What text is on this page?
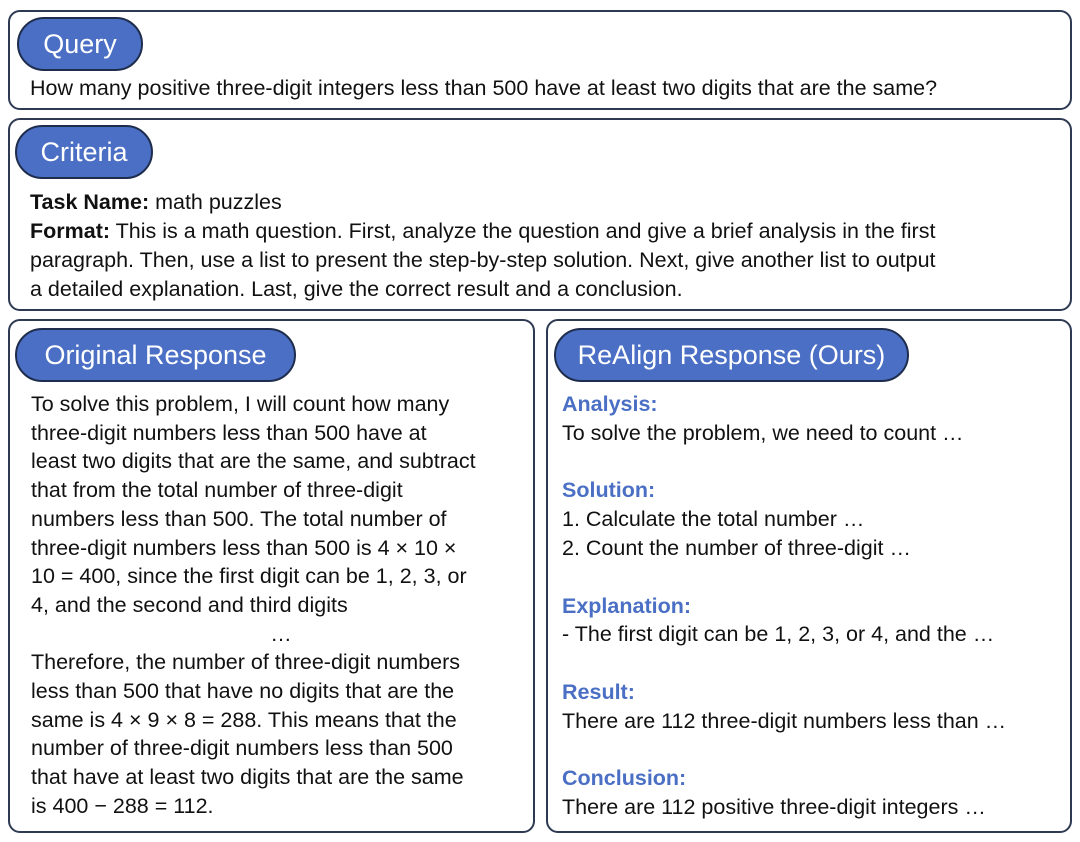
Query
How many positive three-digit integers less than 500 have at least two digits that are the same?
Criteria
Task Name: math puzzles
Format: This is a math question. First, analyze the question and give a brief analysis in the first
paragraph. Then, use a list to present the step-by-step solution. Next, give another list to output
a detailed explanation. Last, give the correct result and a conclusion.
Original Response
To solve this problem, I will count how many
three-digit numbers less than 500 have at
least two digits that are the same, and subtract
that from the total number of three-digit
numbers less than 500. The total number of
three-digit numbers less than 500 is 4 × 10 ×
10 = 400, since the first digit can be 1, 2, 3, or
4, and the second and third digits
…
Therefore, the number of three-digit numbers
less than 500 that have no digits that are the
same is 4 × 9 × 8 = 288. This means that the
number of three-digit numbers less than 500
that have at least two digits that are the same
is 400 − 288 = 112.
ReAlign Response (Ours)
Analysis:
To solve the problem, we need to count …
Solution:
1. Calculate the total number …
2. Count the number of three-digit …
Explanation:
- The first digit can be 1, 2, 3, or 4, and the …
Result:
There are 112 three-digit numbers less than …
Conclusion:
There are 112 positive three-digit integers …
